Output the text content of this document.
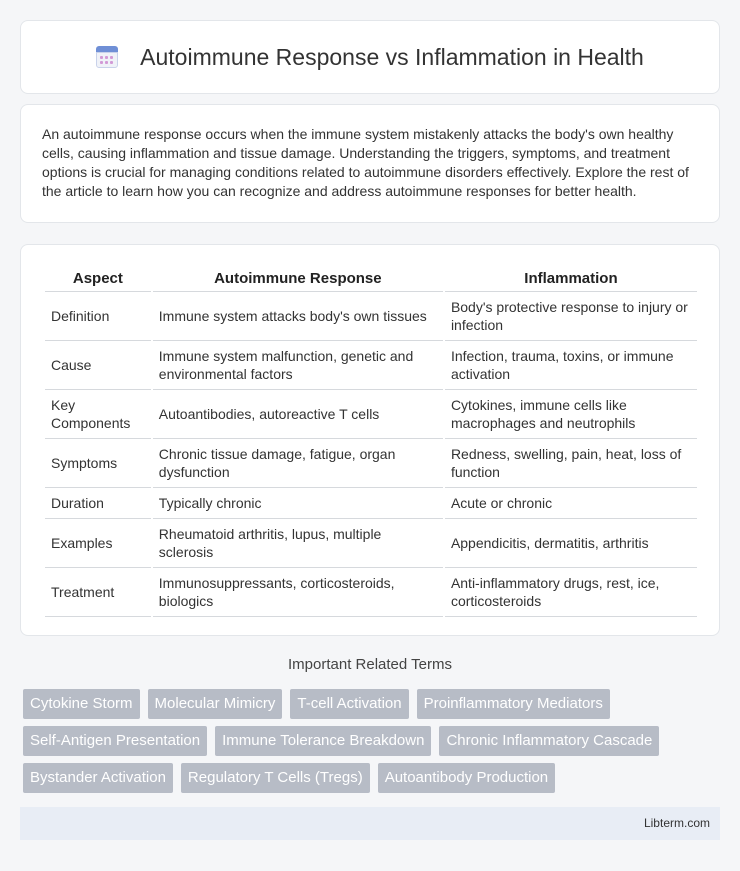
Autoimmune Response vs Inflammation in Health

An autoimmune response occurs when the immune system mistakenly attacks the body's own healthy cells, causing inflammation and tissue damage. Understanding the triggers, symptoms, and treatment options is crucial for managing conditions related to autoimmune disorders effectively. Explore the rest of the article to learn how you can recognize and address autoimmune responses for better health.

Aspect	Autoimmune Response	Inflammation
Definition	Immune system attacks body's own tissues	Body's protective response to injury or infection
Cause	Immune system malfunction, genetic and environmental factors	Infection, trauma, toxins, or immune activation
Key Components	Autoantibodies, autoreactive T cells	Cytokines, immune cells like macrophages and neutrophils
Symptoms	Chronic tissue damage, fatigue, organ dysfunction	Redness, swelling, pain, heat, loss of function
Duration	Typically chronic	Acute or chronic
Examples	Rheumatoid arthritis, lupus, multiple sclerosis	Appendicitis, dermatitis, arthritis
Treatment	Immunosuppressants, corticosteroids, biologics	Anti-inflammatory drugs, rest, ice, corticosteroids
Important Related Terms
Cytokine Storm	Molecular Mimicry	T-cell Activation	Proinflammatory Mediators
Self-Antigen Presentation	Immune Tolerance Breakdown	Chronic Inflammatory Cascade
Bystander Activation	Regulatory T Cells (Tregs)	Autoantibody Production
Libterm.com
